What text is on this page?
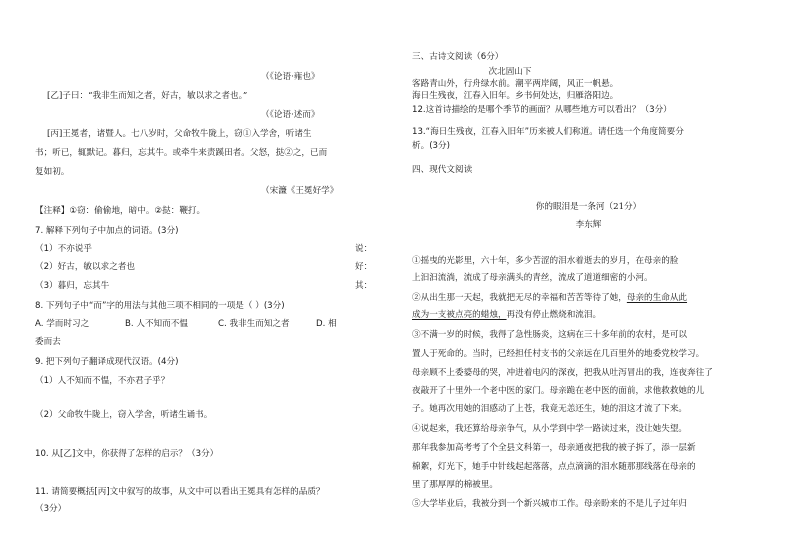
（《论语·雍也》
[乙]子曰：“我非生而知之者，好古，敏以求之者也。”
（《论语·述而》
[丙]王冕者，诸暨人。七八岁时，父命牧牛陇上，窃①入学舍，听诸生
书；听已，辄默记。暮归，忘其牛。或牵牛来责蹊田者。父怒，挞②之，已而
复如初。
（宋濂《王冕好学》
【注释】①窃：偷偷地，暗中。②挞：鞭打。
7. 解释下列句子中加点的词语。(3分)
（1）不亦说乎	说：
（2）好古，敏以求之者也	好：
（3）暮归，忘其牛	其：
8. 下列句子中“而”字的用法与其他三项不相同的一项是（ ）(3分)
A. 学而时习之	B. 人不知而不愠	C. 我非生而知之者	D. 相
委而去
9. 把下列句子翻译成现代汉语。(4分)
（1）人不知而不愠，不亦君子乎？
（2）父命牧牛陇上，窃入学舍，听诸生诵书。
10. 从[乙]文中，你获得了怎样的启示？（3分）
11. 请简要概括[丙]文中叙写的故事，从文中可以看出王冕具有怎样的品质？
（3分）
三、古诗文阅读（6分）
次北固山下
客路青山外，行舟绿水前。潮平两岸阔，风正一帆悬。
海日生残夜，江春入旧年。乡书何处达，归雁洛阳边。
12.这首诗描绘的是哪个季节的画面？从哪些地方可以看出？（3分）
13.“海日生残夜，江春入旧年”历来被人们称道。请任选一个角度简要分
析。(3分)
四、现代文阅读
你的眼泪是一条河（21分）
李东辉
①摇曳的光影里，六十年，多少苦涩的泪水着逝去的岁月，在母亲的脸
上汩汩流淌，流成了母亲满头的青丝，流成了道道细密的小河。
②从出生那一天起，我就把无尽的幸福和苦苦等待了她，母亲的生命从此
成为一支被点亮的蜡烛，再没有停止燃烧和流泪。
③不满一岁的时候，我得了急性肠炎，这病在三十多年前的农村，是可以
置人于死命的。当时，已经担任村支书的父亲远在几百里外的地委党校学习。
母亲顾不上委婆母的哭，冲进着电闪的深夜，把我从吐泻冒出的我，连夜奔往了
夜敲开了十里外一个老中医的家门。母亲跪在老中医的面前，求他救救她的儿
子。她再次用她的泪感动了上苍，我竟无恙还生，她的泪这才流了下来。
④说起来，我还算给母亲争气，从小学到中学一路读过来，没让她失望。
那年我参加高考考了个全县文科第一，母亲通夜把我的被子拆了，添一层新
棉絮，灯光下，她手中针线起起落落，点点滴滴的泪水随那那线落在母亲的
里了那厚厚的棉被里。
⑤大学毕业后，我被分到一个新兴城市工作。母亲盼来的不是儿子过年归
